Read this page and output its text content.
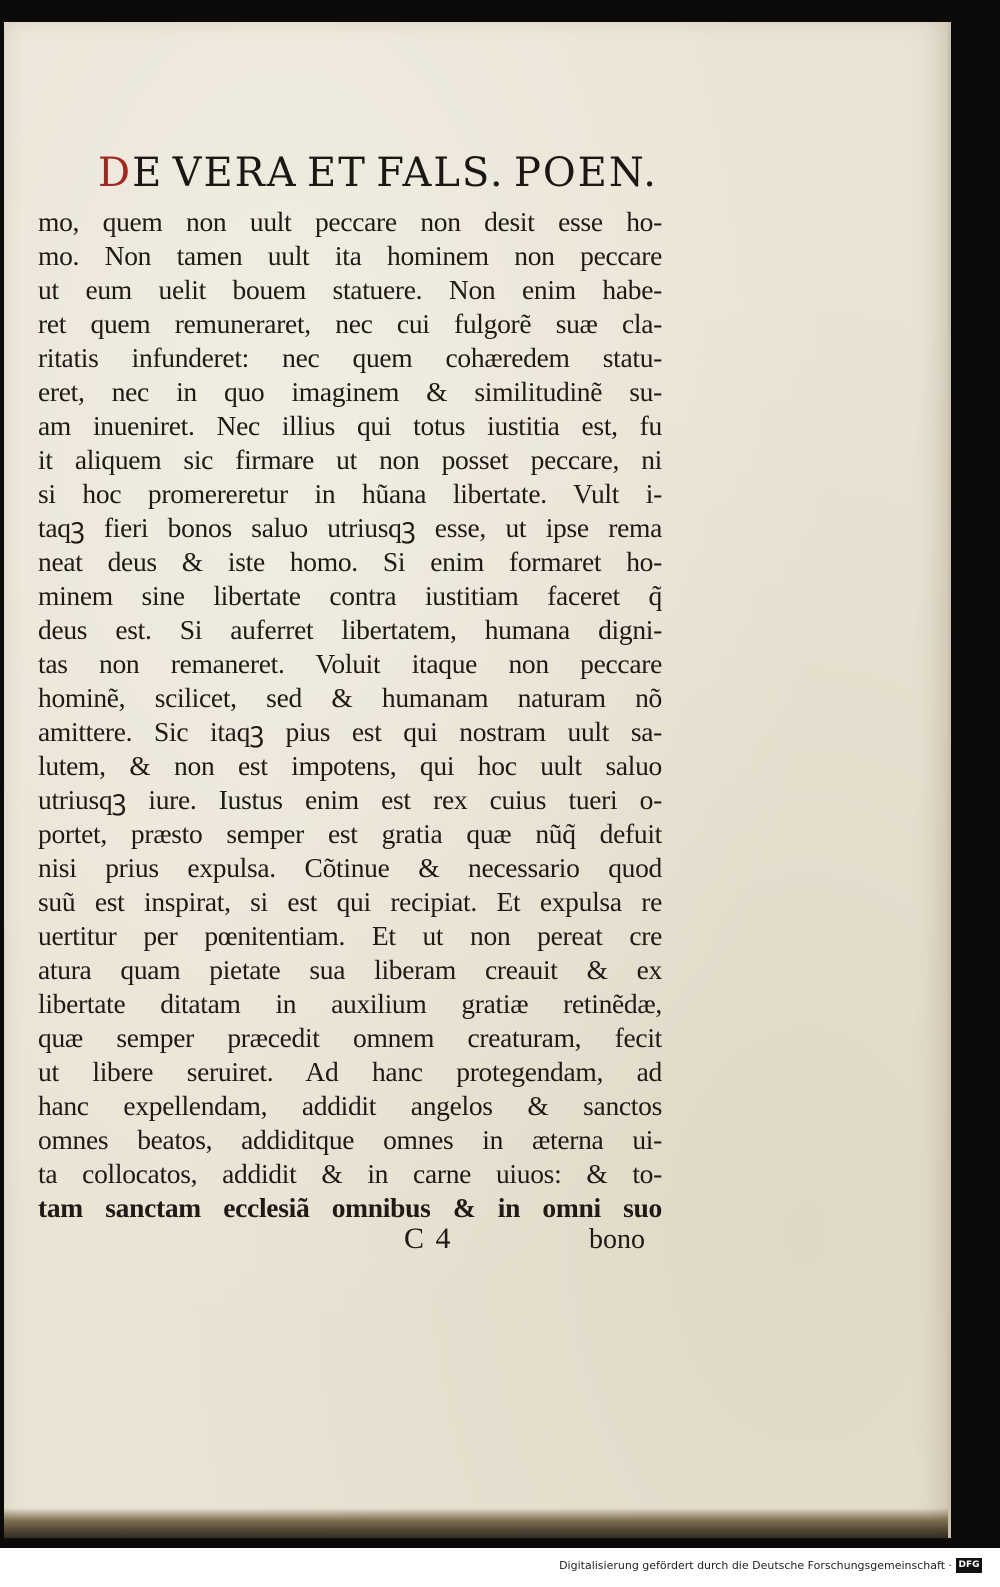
DE VERA ET FALS. POEN.
mo, quem non uult peccare non desit esse ho-
mo. Non tamen uult ita hominem non peccare
ut eum uelit bouem statuere. Non enim habe-
ret quem remuneraret, nec cui fulgorẽ suæ cla-
ritatis infunderet: nec quem cohæredem statu-
eret, nec in quo imaginem & similitudinẽ su-
am inueniret. Nec illius qui totus iustitia est, fu
it aliquem sic firmare ut non posset peccare, ni
si hoc promereretur in hũana libertate. Vult i-
taqꝫ fieri bonos saluo utriusqꝫ esse, ut ipse rema
neat deus & iste homo. Si enim formaret ho-
minem sine libertate contra iustitiam faceret q̃
deus est. Si auferret libertatem, humana digni-
tas non remaneret. Voluit itaque non peccare
hominẽ, scilicet, sed & humanam naturam nõ
amittere. Sic itaqꝫ pius est qui nostram uult sa-
lutem, & non est impotens, qui hoc uult saluo
utriusqꝫ iure. Iustus enim est rex cuius tueri o-
portet, præsto semper est gratia quæ nũq̃ defuit
nisi prius expulsa. Cõtinue & necessario quod
suũ est inspirat, si est qui recipiat. Et expulsa re
uertitur per pœnitentiam. Et ut non pereat cre
atura quam pietate sua liberam creauit & ex
libertate ditatam in auxilium gratiæ retinẽdæ,
quæ semper præcedit omnem creaturam, fecit
ut libere seruiret. Ad hanc protegendam, ad
hanc expellendam, addidit angelos & sanctos
omnes beatos, addiditque omnes in æterna ui-
ta collocatos, addidit & in carne uiuos: & to-
tam sanctam ecclesiã omnibus & in omni suo
C 4	bono
Digitalisierung gefördert durch die Deutsche Forschungsgemeinschaft · DFG
